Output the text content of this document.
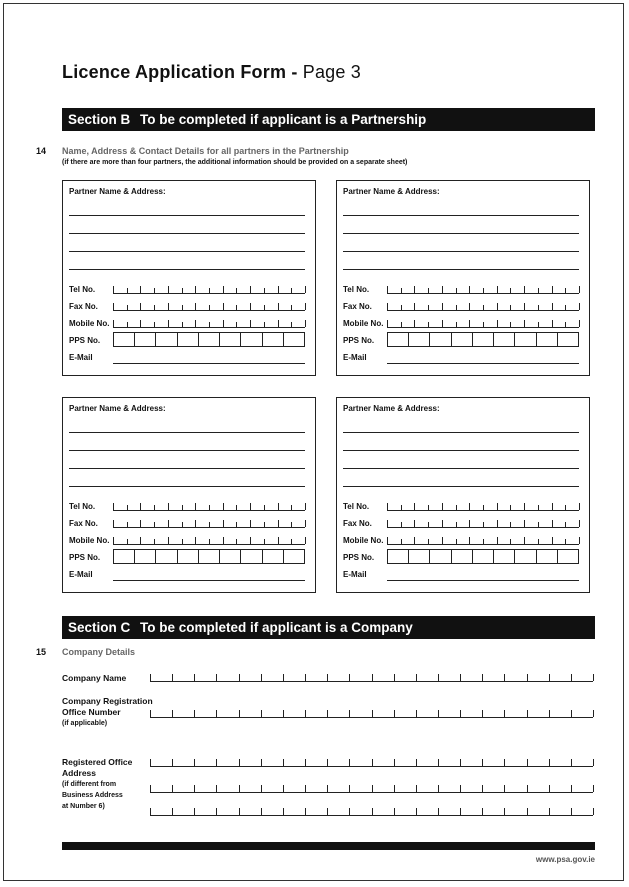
Licence Application Form - Page 3
Section B To be completed if applicant is a Partnership
14 Name, Address & Contact Details for all partners in the Partnership
(if there are more than four partners, the additional information should be provided on a separate sheet)
Partner Name & Address:
Tel No.
Fax No.
Mobile No.
PPS No.
E-Mail
Partner Name & Address:
Tel No.
Fax No.
Mobile No.
PPS No.
E-Mail
Partner Name & Address:
Tel No.
Fax No.
Mobile No.
PPS No.
E-Mail
Partner Name & Address:
Tel No.
Fax No.
Mobile No.
PPS No.
E-Mail
Section C To be completed if applicant is a Company
15 Company Details
Company Name
Company Registration
Office Number
(if applicable)
Registered Office
Address
(if different from
Business Address
at Number 6)
www.psa.gov.ie
